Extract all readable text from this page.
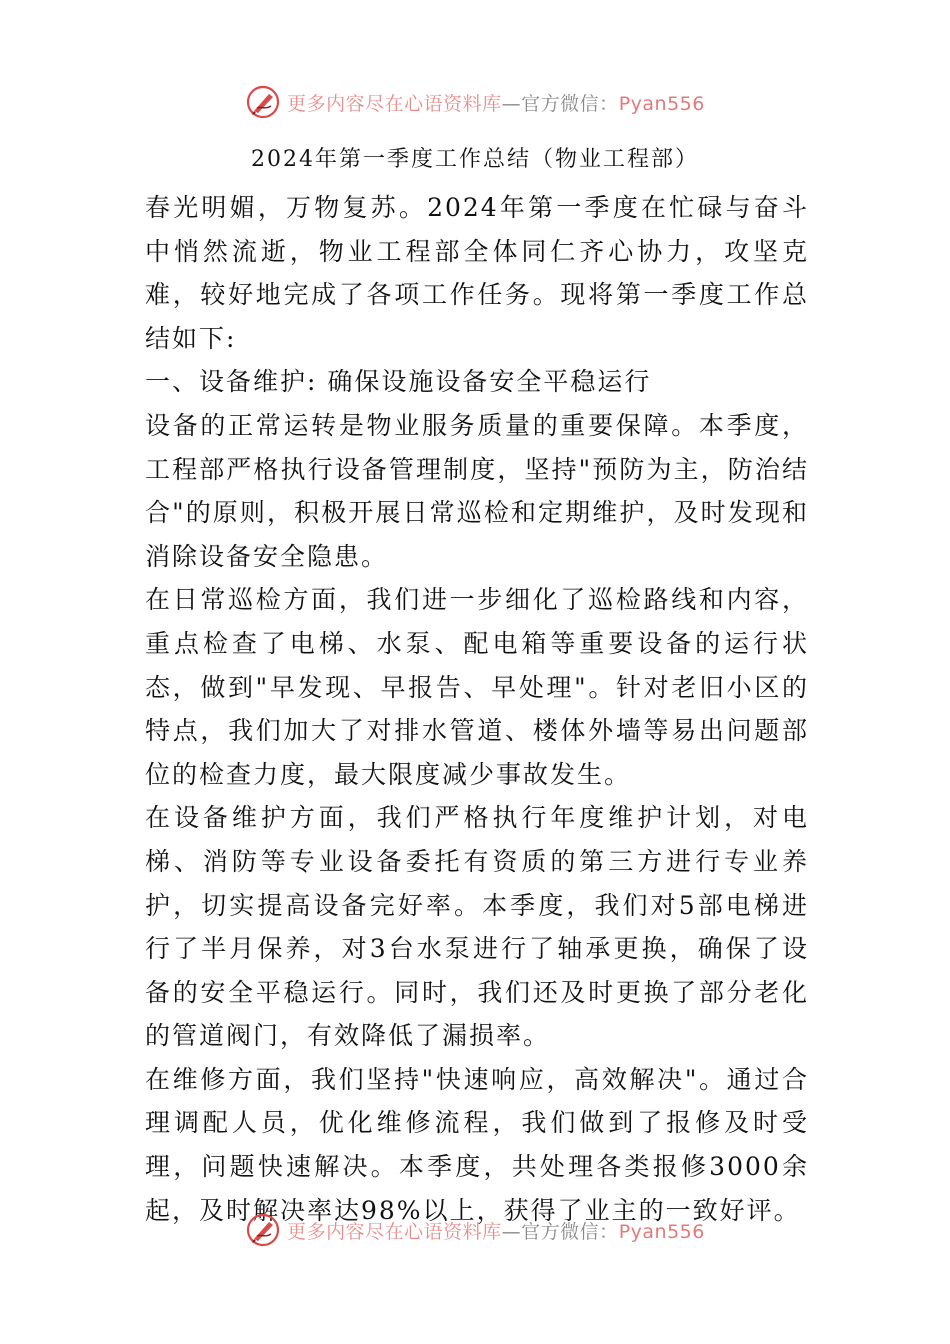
更多内容尽在心语资料库—官方微信：Pyan556
2024年第一季度工作总结（物业工程部）

春光明媚，万物复苏。2024年第一季度在忙碌与奋斗中悄然流逝，物业工程部全体同仁齐心协力，攻坚克难，较好地完成了各项工作任务。现将第一季度工作总结如下:

一、设备维护: 确保设施设备安全平稳运行

设备的正常运转是物业服务质量的重要保障。本季度，工程部严格执行设备管理制度，坚持"预防为主，防治结合"的原则，积极开展日常巡检和定期维护，及时发现和消除设备安全隐患。

在日常巡检方面，我们进一步细化了巡检路线和内容，重点检查了电梯、水泵、配电箱等重要设备的运行状态，做到"早发现、早报告、早处理"。针对老旧小区的特点，我们加大了对排水管道、楼体外墙等易出问题部位的检查力度，最大限度减少事故发生。

在设备维护方面，我们严格执行年度维护计划，对电梯、消防等专业设备委托有资质的第三方进行专业养护，切实提高设备完好率。本季度，我们对5部电梯进行了半月保养，对3台水泵进行了轴承更换，确保了设备的安全平稳运行。同时，我们还及时更换了部分老化的管道阀门，有效降低了漏损率。

在维修方面，我们坚持"快速响应，高效解决"。通过合理调配人员，优化维修流程，我们做到了报修及时受理，问题快速解决。本季度，共处理各类报修3000余起，及时解决率达98%以上，获得了业主的一致好评。

更多内容尽在心语资料库—官方微信：Pyan556
